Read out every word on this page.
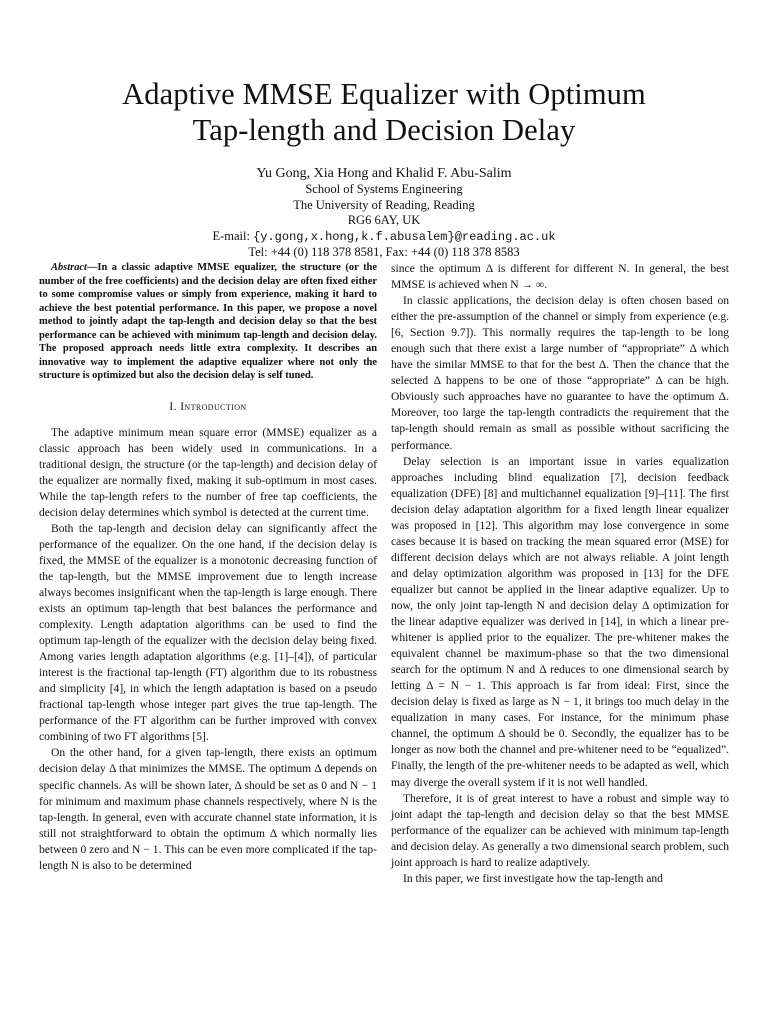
Adaptive MMSE Equalizer with Optimum
Tap-length and Decision Delay
Yu Gong, Xia Hong and Khalid F. Abu-Salim
School of Systems Engineering
The University of Reading, Reading
RG6 6AY, UK
E-mail: {y.gong,x.hong,k.f.abusalem}@reading.ac.uk
Tel: +44 (0) 118 378 8581, Fax: +44 (0) 118 378 8583

Abstract—In a classic adaptive MMSE equalizer, the structure (or the number of the free coefficients) and the decision delay are often fixed either to some compromise values or simply from experience, making it hard to achieve the best potential performance. In this paper, we propose a novel method to jointly adapt the tap-length and decision delay so that the best performance can be achieved with minimum tap-length and decision delay. The proposed approach needs little extra complexity. It describes an innovative way to implement the adaptive equalizer where not only the structure is optimized but also the decision delay is self tuned.

I. Introduction

The adaptive minimum mean square error (MMSE) equalizer as a classic approach has been widely used in communications. In a traditional design, the structure (or the tap-length) and decision delay of the equalizer are normally fixed, making it sub-optimum in most cases. While the tap-length refers to the number of free tap coefficients, the decision delay determines which symbol is detected at the current time.

Both the tap-length and decision delay can significantly affect the performance of the equalizer. On the one hand, if the decision delay is fixed, the MMSE of the equalizer is a monotonic decreasing function of the tap-length, but the MMSE improvement due to length increase always becomes insignificant when the tap-length is large enough. There exists an optimum tap-length that best balances the performance and complexity. Length adaptation algorithms can be used to find the optimum tap-length of the equalizer with the decision delay being fixed. Among varies length adaptation algorithms (e.g. [1]–[4]), of particular interest is the fractional tap-length (FT) algorithm due to its robustness and simplicity [4], in which the length adaptation is based on a pseudo fractional tap-length whose integer part gives the true tap-length. The performance of the FT algorithm can be further improved with convex combining of two FT algorithms [5].

On the other hand, for a given tap-length, there exists an optimum decision delay Δ that minimizes the MMSE. The optimum Δ depends on specific channels. As will be shown later, Δ should be set as 0 and N − 1 for minimum and maximum phase channels respectively, where N is the tap-length. In general, even with accurate channel state information, it is still not straightforward to obtain the optimum Δ which normally lies between 0 zero and N − 1. This can be even more complicated if the tap-length N is also to be determined

since the optimum Δ is different for different N. In general, the best MMSE is achieved when N → ∞.

In classic applications, the decision delay is often chosen based on either the pre-assumption of the channel or simply from experience (e.g. [6, Section 9.7]). This normally requires the tap-length to be long enough such that there exist a large number of “appropriate” Δ which have the similar MMSE to that for the best Δ. Then the chance that the selected Δ happens to be one of those “appropriate” Δ can be high. Obviously such approaches have no guarantee to have the optimum Δ. Moreover, too large the tap-length contradicts the requirement that the tap-length should remain as small as possible without sacrificing the performance.

Delay selection is an important issue in varies equalization approaches including blind equalization [7], decision feedback equalization (DFE) [8] and multichannel equalization [9]–[11]. The first decision delay adaptation algorithm for a fixed length linear equalizer was proposed in [12]. This algorithm may lose convergence in some cases because it is based on tracking the mean squared error (MSE) for different decision delays which are not always reliable. A joint length and delay optimization algorithm was proposed in [13] for the DFE equalizer but cannot be applied in the linear adaptive equalizer. Up to now, the only joint tap-length N and decision delay Δ optimization for the linear adaptive equalizer was derived in [14], in which a linear pre-whitener is applied prior to the equalizer. The pre-whitener makes the equivalent channel be maximum-phase so that the two dimensional search for the optimum N and Δ reduces to one dimensional search by letting Δ = N − 1. This approach is far from ideal: First, since the decision delay is fixed as large as N − 1, it brings too much delay in the equalization in many cases. For instance, for the minimum phase channel, the optimum Δ should be 0. Secondly, the equalizer has to be longer as now both the channel and pre-whitener need to be “equalized”. Finally, the length of the pre-whitener needs to be adapted as well, which may diverge the overall system if it is not well handled.

Therefore, it is of great interest to have a robust and simple way to joint adapt the tap-length and decision delay so that the best MMSE performance of the equalizer can be achieved with minimum tap-length and decision delay. As generally a two dimensional search problem, such joint approach is hard to realize adaptively.

In this paper, we first investigate how the tap-length and
